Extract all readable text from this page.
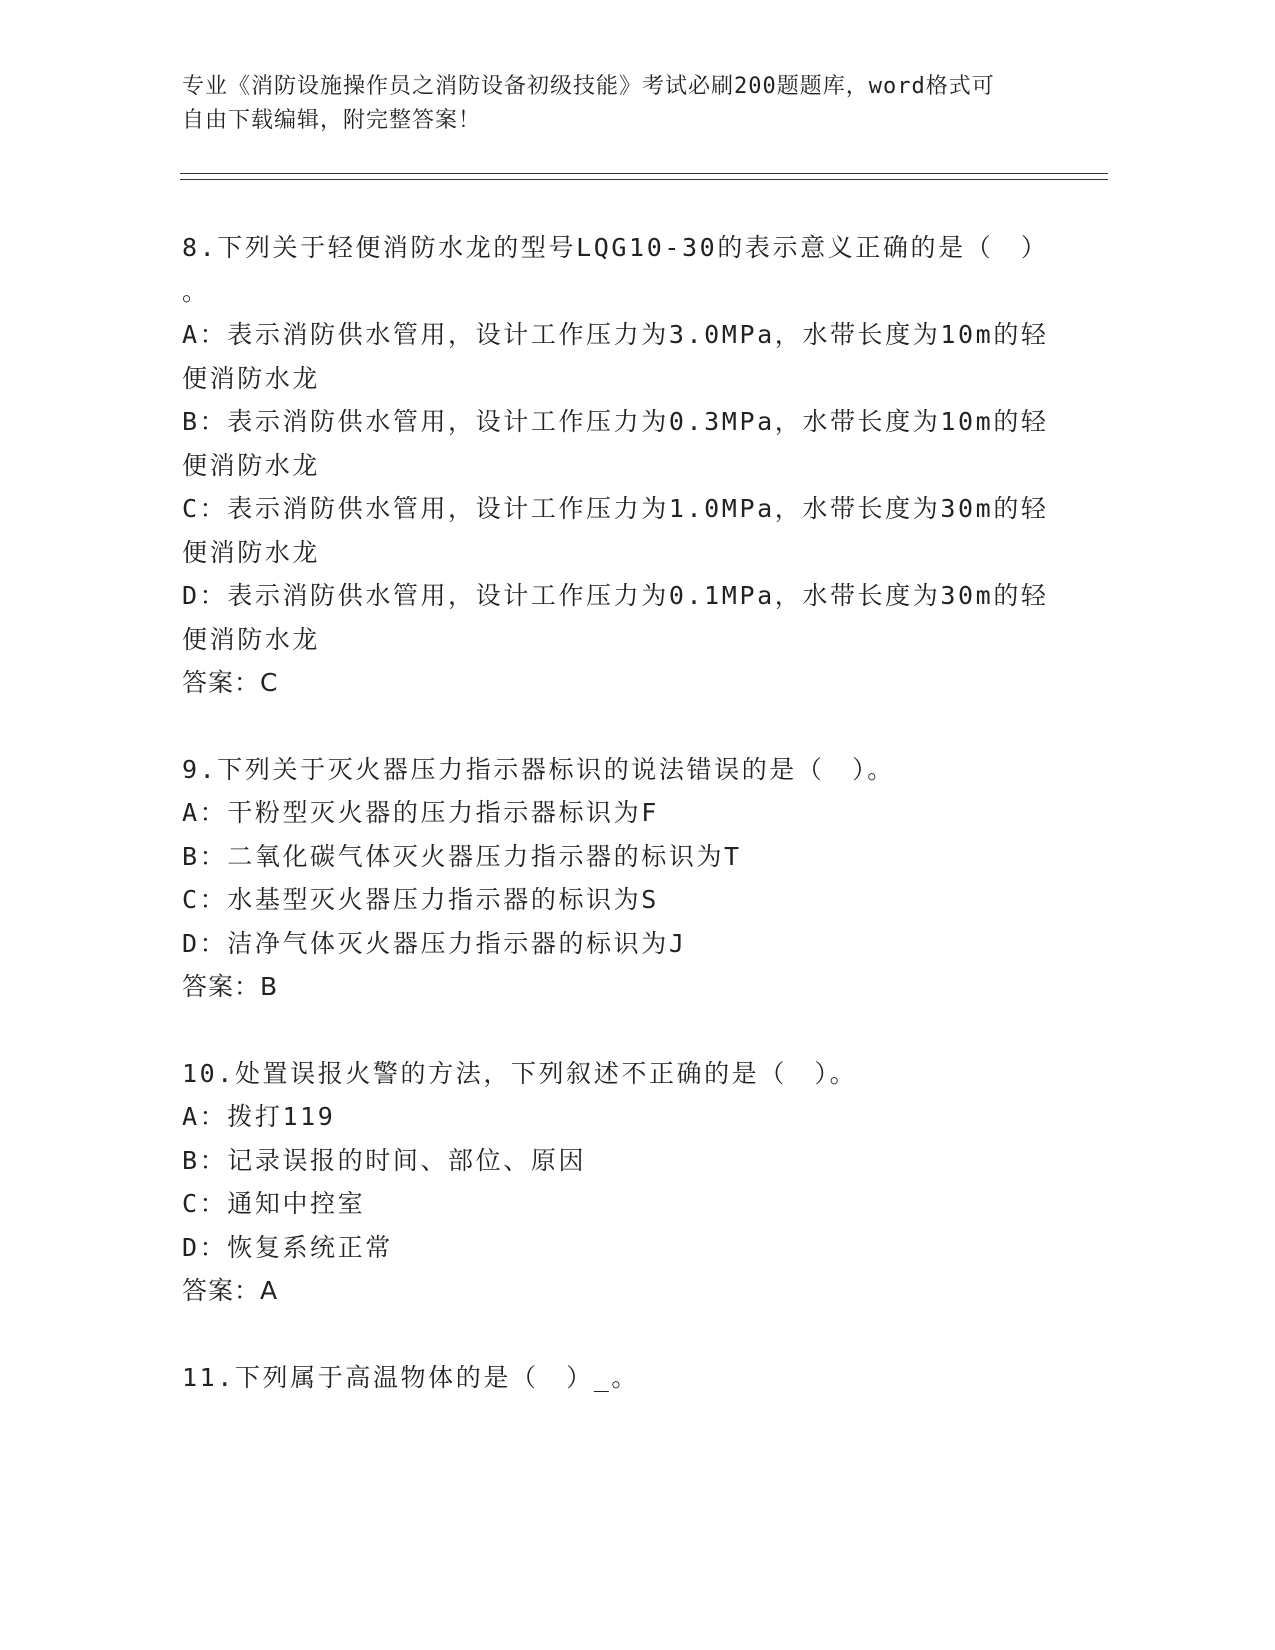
专业《消防设施操作员之消防设备初级技能》考试必刷200题题库，word格式可
自由下载编辑，附完整答案！
8.下列关于轻便消防水龙的型号LQG10-30的表示意义正确的是（　）
。
A：表示消防供水管用，设计工作压力为3.0MPa，水带长度为10m的轻
便消防水龙
B：表示消防供水管用，设计工作压力为0.3MPa，水带长度为10m的轻
便消防水龙
C：表示消防供水管用，设计工作压力为1.0MPa，水带长度为30m的轻
便消防水龙
D：表示消防供水管用，设计工作压力为0.1MPa，水带长度为30m的轻
便消防水龙
答案：C
9.下列关于灭火器压力指示器标识的说法错误的是（　）。
A：干粉型灭火器的压力指示器标识为F
B：二氧化碳气体灭火器压力指示器的标识为T
C：水基型灭火器压力指示器的标识为S
D：洁净气体灭火器压力指示器的标识为J
答案：B
10.处置误报火警的方法，下列叙述不正确的是（　）。
A：拨打119
B：记录误报的时间、部位、原因
C：通知中控室
D：恢复系统正常
答案：A
11.下列属于高温物体的是（　）_。
